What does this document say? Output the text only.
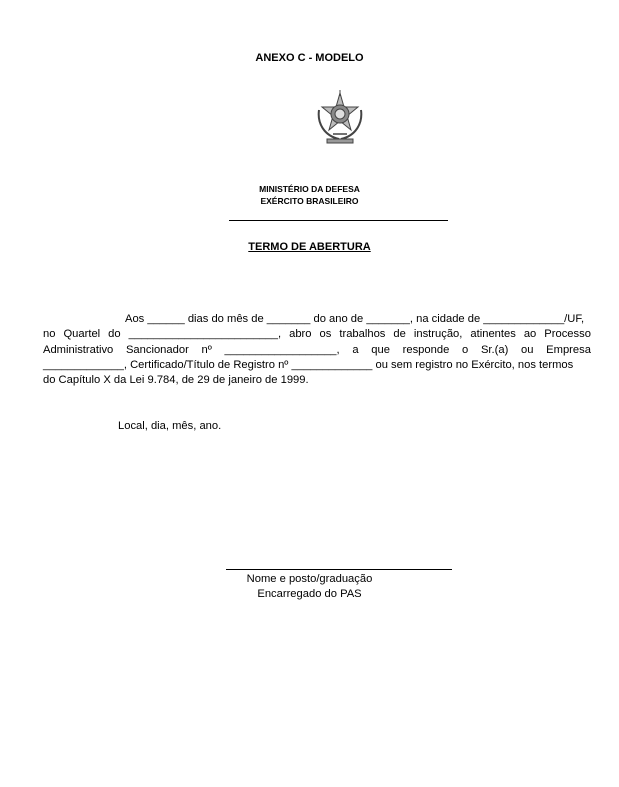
ANEXO C - MODELO
MINISTÉRIO DA DEFESA
EXÉRCITO BRASILEIRO
TERMO DE ABERTURA
Aos ______ dias do mês de _______ do ano de _______, na cidade de _____________/UF,
no Quartel do ________________________, abro os trabalhos de instrução, atinentes ao Processo
Administrativo Sancionador nº __________________, a que responde o Sr.(a) ou Empresa
_____________, Certificado/Título de Registro nº _____________ ou sem registro no Exército, nos termos
do Capítulo X da Lei 9.784, de 29 de janeiro de 1999.
Local, dia, mês, ano.
Nome e posto/graduação
Encarregado do PAS
